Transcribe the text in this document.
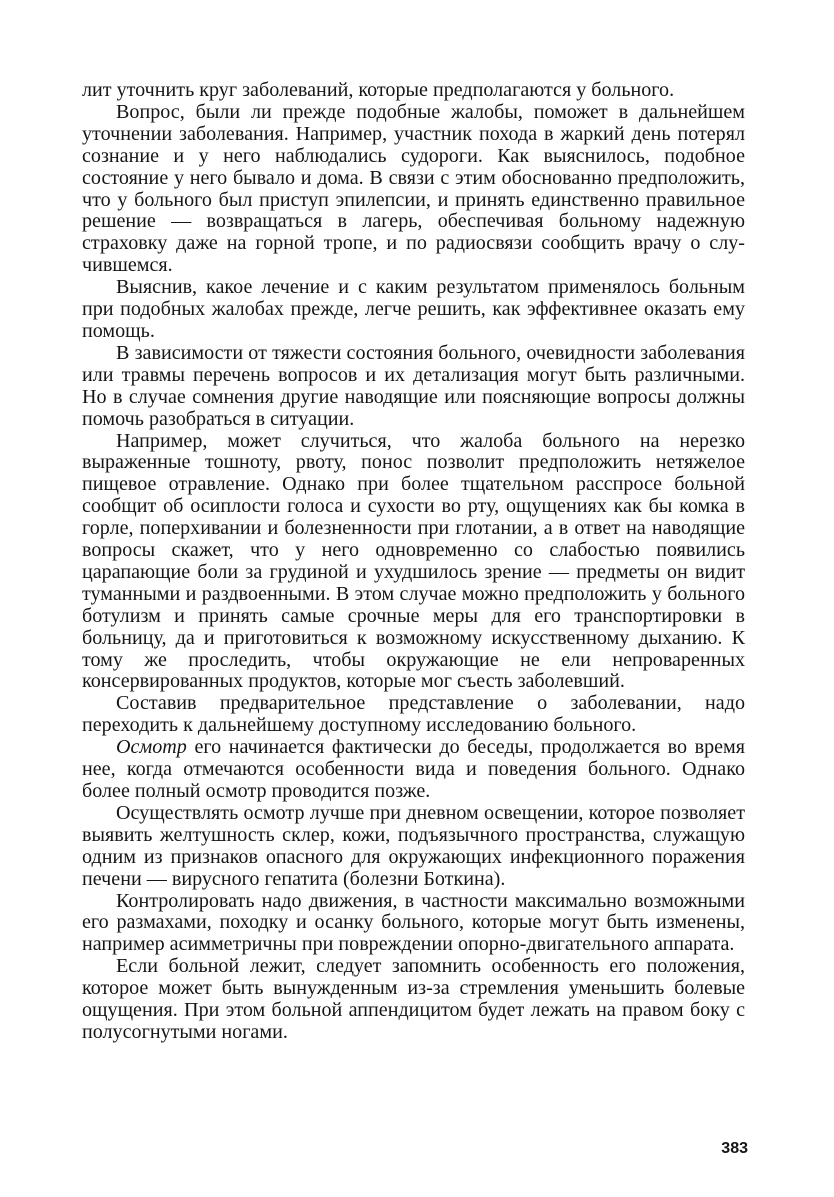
лит уточнить круг заболеваний, которые предполагаются у больного.

Вопрос, были ли прежде подобные жалобы, поможет в дальнейшем уточнении заболевания. Например, участник похода в жаркий день потерял сознание и у него наблюдались судороги. Как выяснилось, подобное состояние у него бывало и дома. В связи с этим обоснованно предположить, что у больного был приступ эпилепсии, и принять единственно правильное решение — возвращаться в лагерь, обеспечивая больному надежную страховку даже на горной тропе, и по радиосвязи сообщить врачу о случившемся.

Выяснив, какое лечение и с каким результатом применялось больным при подобных жалобах прежде, легче решить, как эффективнее оказать ему помощь.

В зависимости от тяжести состояния больного, очевидности заболевания или травмы перечень вопросов и их детализация могут быть различными. Но в случае сомнения другие наводящие или поясняющие вопросы должны помочь разобраться в ситуации.

Например, может случиться, что жалоба больного на нерезко выраженные тошноту, рвоту, понос позволит предположить нетяжелое пищевое отравление. Однако при более тщательном расспросе больной сообщит об осиплости голоса и сухости во рту, ощущениях как бы комка в горле, поперхивании и болезненности при глотании, а в ответ на наводящие вопросы скажет, что у него одновременно со слабостью появились царапающие боли за грудиной и ухудшилось зрение — предметы он видит туманными и раздвоенными. В этом случае можно предположить у больного ботулизм и принять самые срочные меры для его транспортировки в больницу, да и приготовиться к возможному искусственному дыханию. К тому же проследить, чтобы окружающие не ели непроваренных консервированных продуктов, которые мог съесть заболевший.

Составив предварительное представление о заболевании, надо переходить к дальнейшему доступному исследованию больного.

Осмотр его начинается фактически до беседы, продолжается во время нее, когда отмечаются особенности вида и поведения больного. Однако более полный осмотр проводится позже.

Осуществлять осмотр лучше при дневном освещении, которое позволяет выявить желтушность склер, кожи, подъязычного пространства, служащую одним из признаков опасного для окружающих инфекционного поражения печени — вирусного гепатита (болезни Боткина).

Контролировать надо движения, в частности максимально возможными его размахами, походку и осанку больного, которые могут быть изменены, например асимметричны при повреждении опорно-двигательного аппарата.

Если больной лежит, следует запомнить особенность его положения, которое может быть вынужденным из-за стремления уменьшить болевые ощущения. При этом больной аппендицитом будет лежать на правом боку с полусогнутыми ногами.

383
